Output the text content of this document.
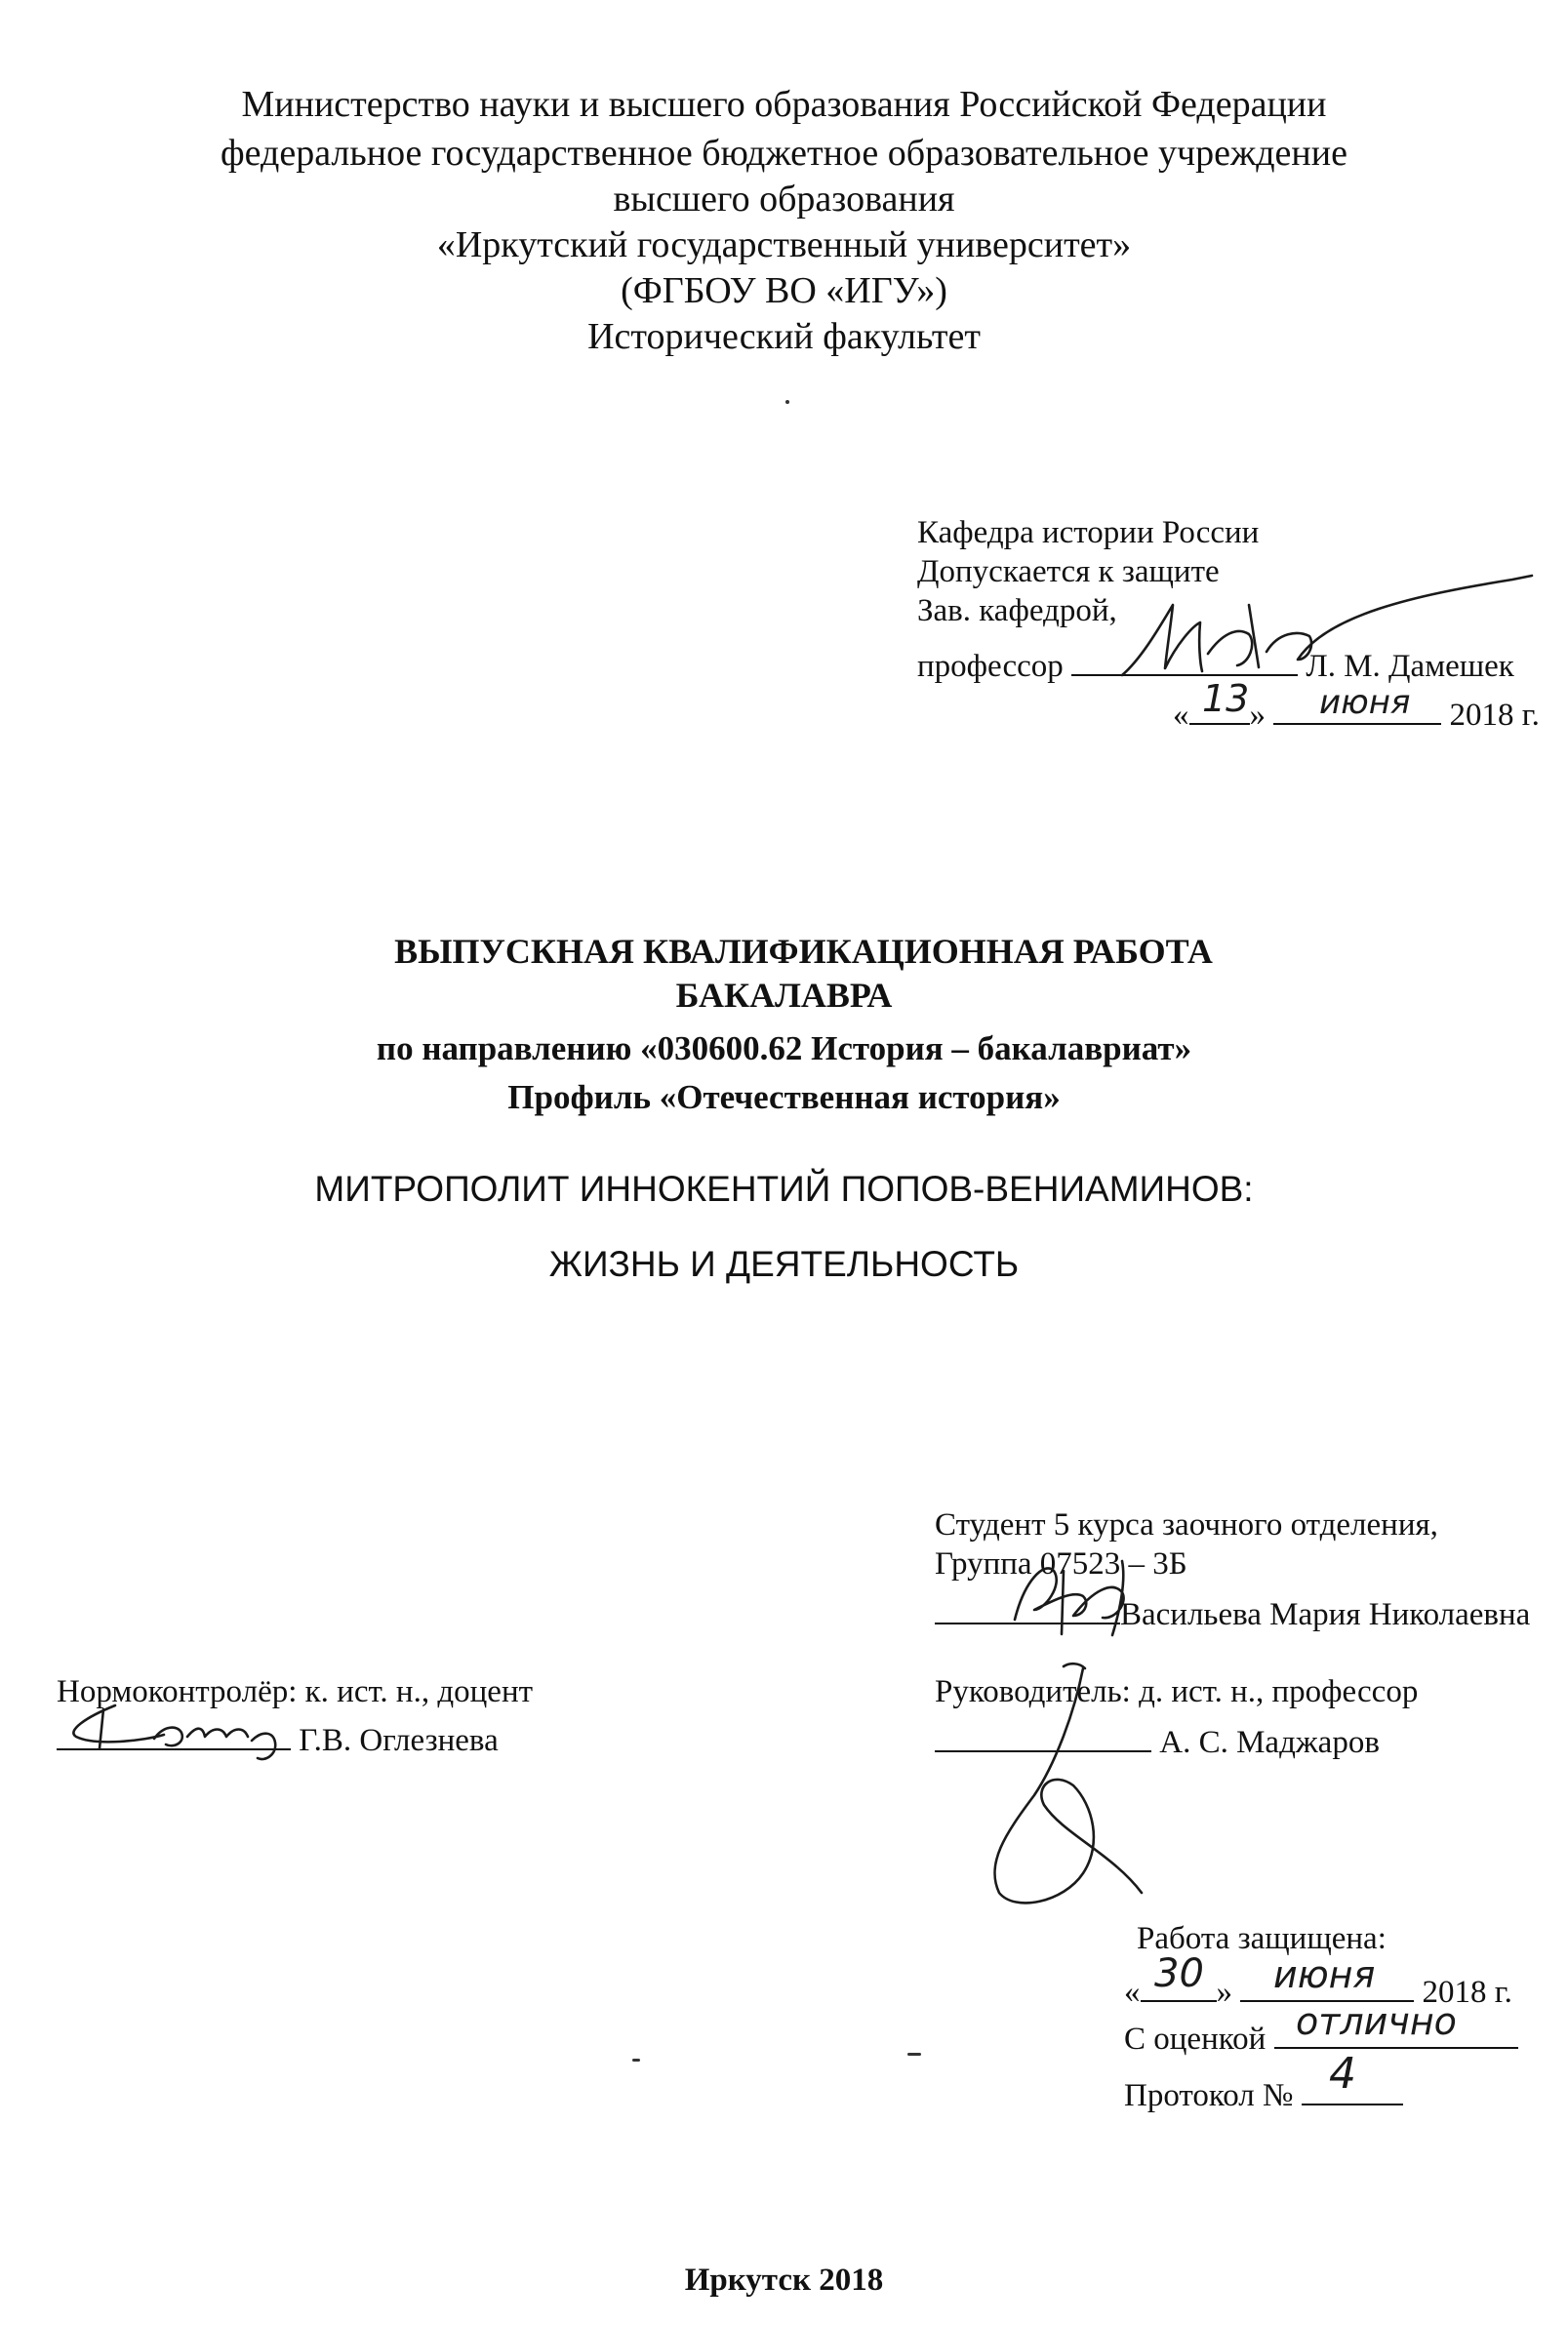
Министерство науки и высшего образования Российской Федерации
федеральное государственное бюджетное образовательное учреждение
высшего образования
«Иркутский государственный университет»
(ФГБОУ ВО «ИГУ»)
Исторический факультет
Кафедра истории России
Допускается к защите
Зав. кафедрой,
профессор	Л. М. Дамешек
« »	2018 г.
13 июня
ВЫПУСКНАЯ КВАЛИФИКАЦИОННАЯ РАБОТА
БАКАЛАВРА
по направлению «030600.62 История – бакалавриат»
Профиль «Отечественная история»
МИТРОПОЛИТ ИННОКЕНТИЙ ПОПОВ-ВЕНИАМИНОВ:
ЖИЗНЬ И ДЕЯТЕЛЬНОСТЬ
Студент 5 курса заочного отделения,
Группа 07523 – 3Б
Васильева Мария Николаевна
Руководитель: д. ист. н., профессор
А. С. Маджаров
Нормоконтролёр: к. ист. н., доцент
Г.В. Оглезнева
Работа защищена:
« »	2018 г.
30 июня
С оценкой отлично
Протокол № 4
Иркутск 2018
